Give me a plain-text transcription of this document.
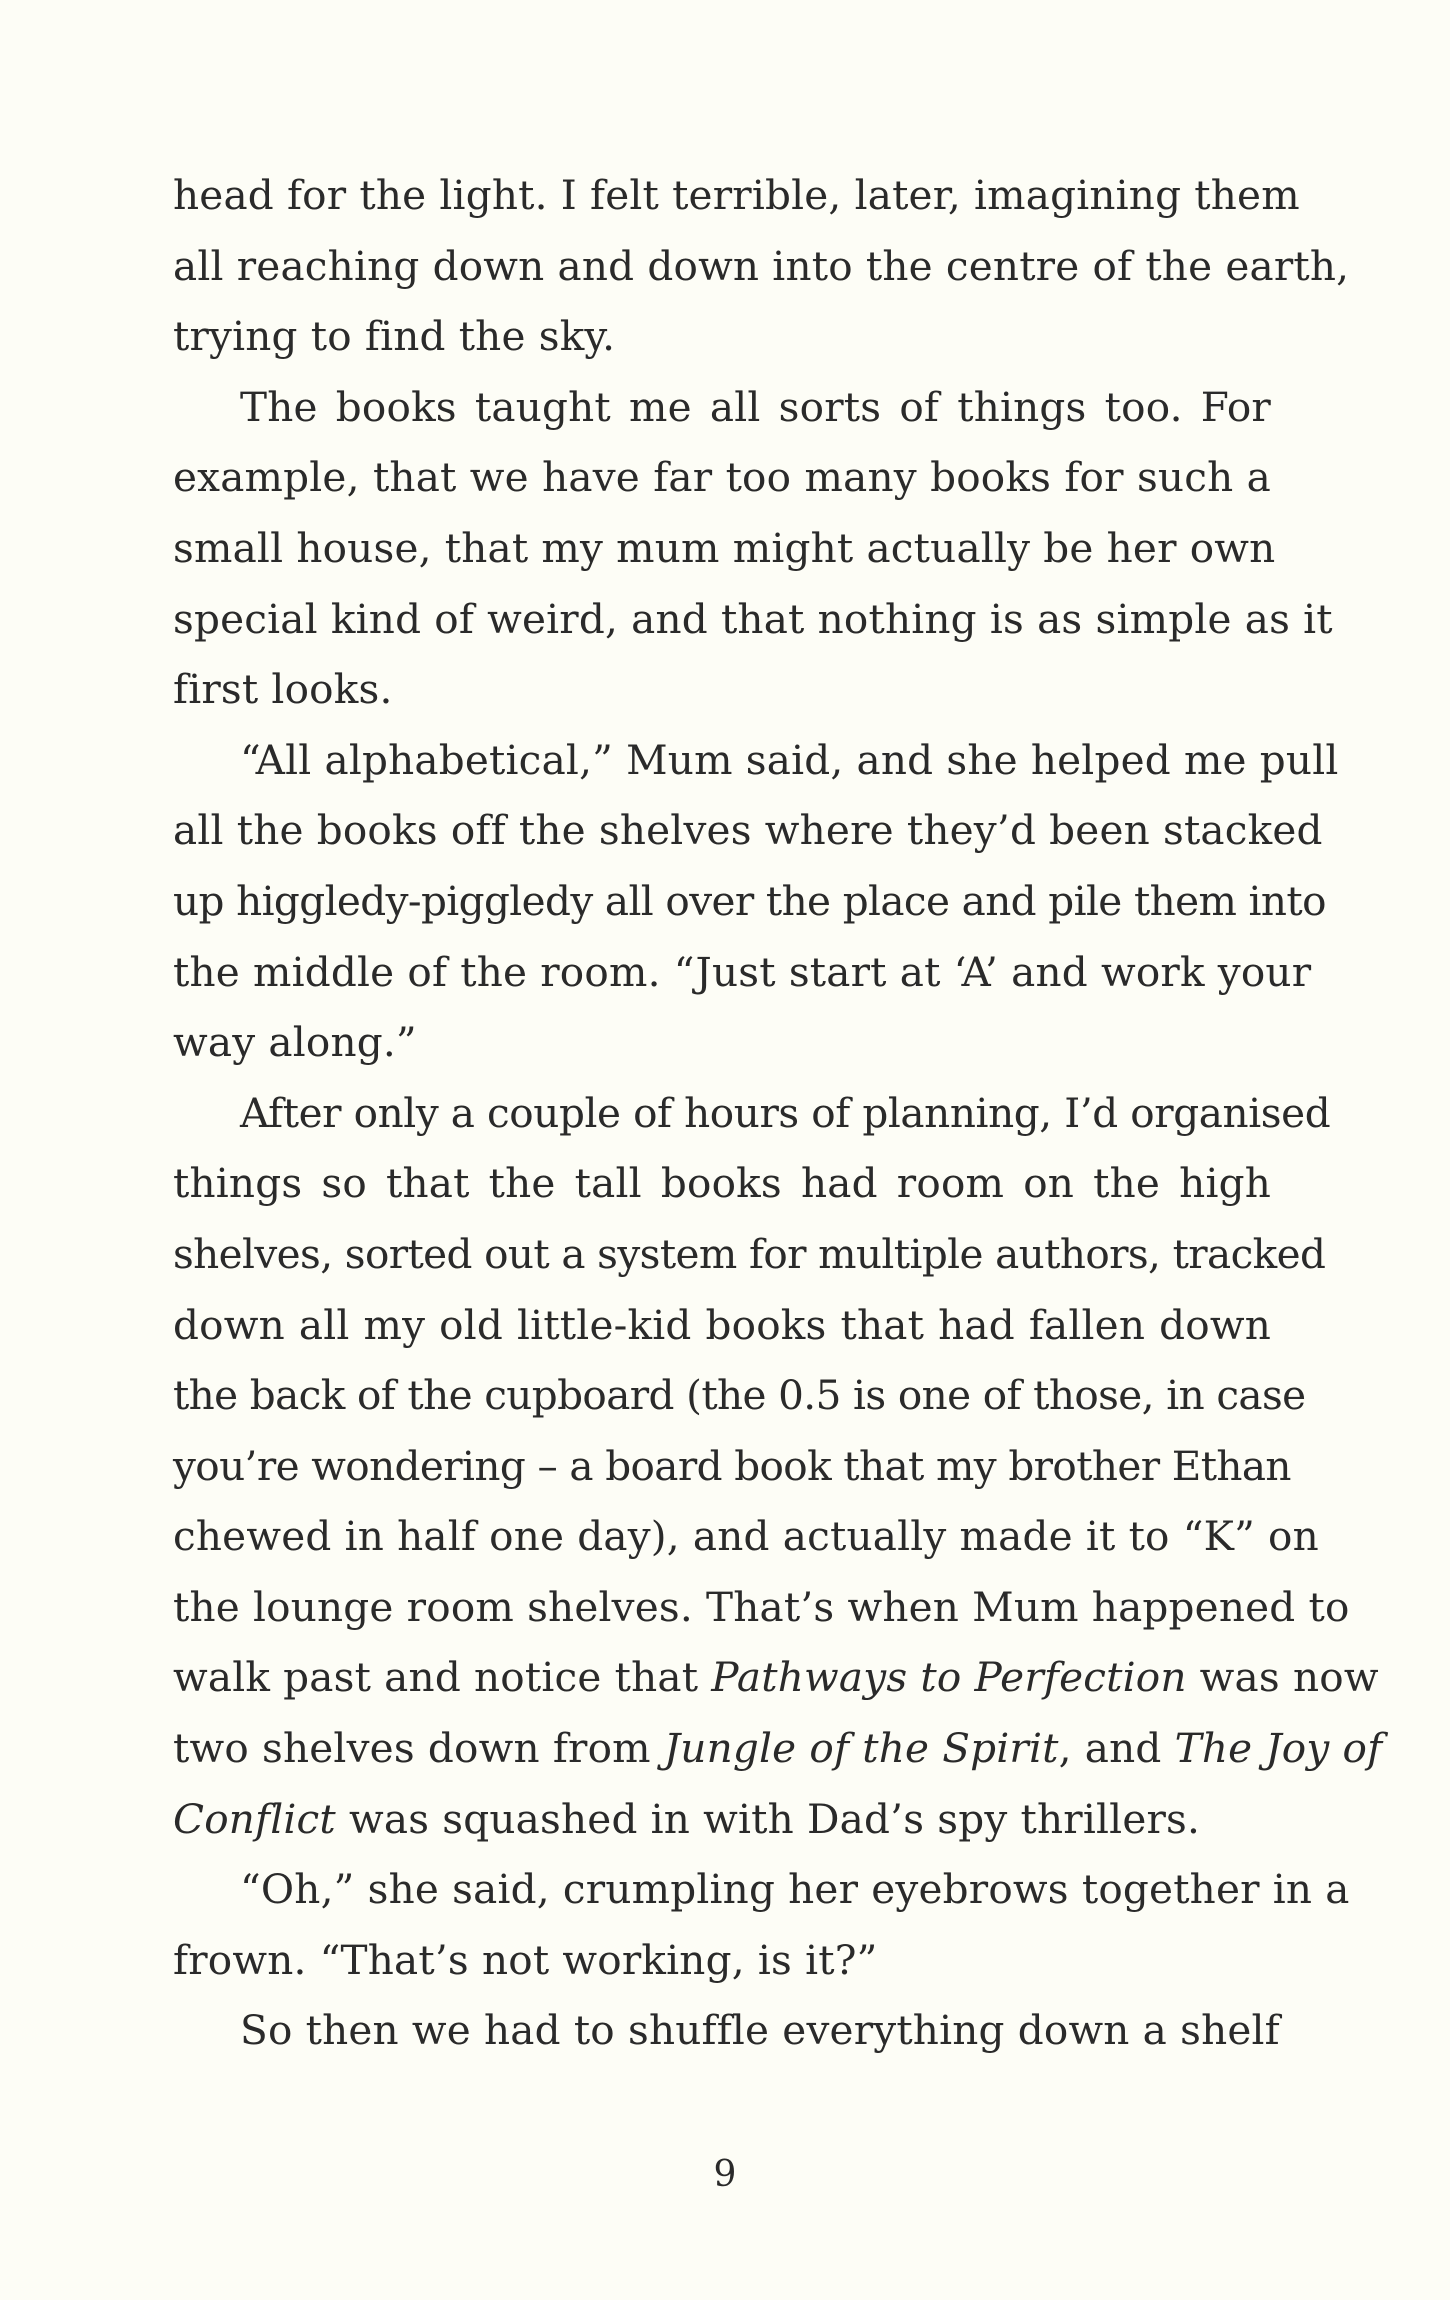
head for the light. I felt terrible, later, imagining them
all reaching down and down into the centre of the earth,
trying to find the sky.
The books taught me all sorts of things too. For
example, that we have far too many books for such a
small house, that my mum might actually be her own
special kind of weird, and that nothing is as simple as it
first looks.
“All alphabetical,” Mum said, and she helped me pull
all the books off the shelves where they’d been stacked
up higgledy-piggledy all over the place and pile them into
the middle of the room. “Just start at ‘A’ and work your
way along.”
After only a couple of hours of planning, I’d organised
things so that the tall books had room on the high
shelves, sorted out a system for multiple authors, tracked
down all my old little-kid books that had fallen down
the back of the cupboard (the 0.5 is one of those, in case
you’re wondering – a board book that my brother Ethan
chewed in half one day), and actually made it to “K” on
the lounge room shelves. That’s when Mum happened to
walk past and notice that Pathways to Perfection was now
two shelves down from Jungle of the Spirit, and The Joy of
Conflict was squashed in with Dad’s spy thrillers.
“Oh,” she said, crumpling her eyebrows together in a
frown. “That’s not working, is it?”
So then we had to shuffle everything down a shelf
9
